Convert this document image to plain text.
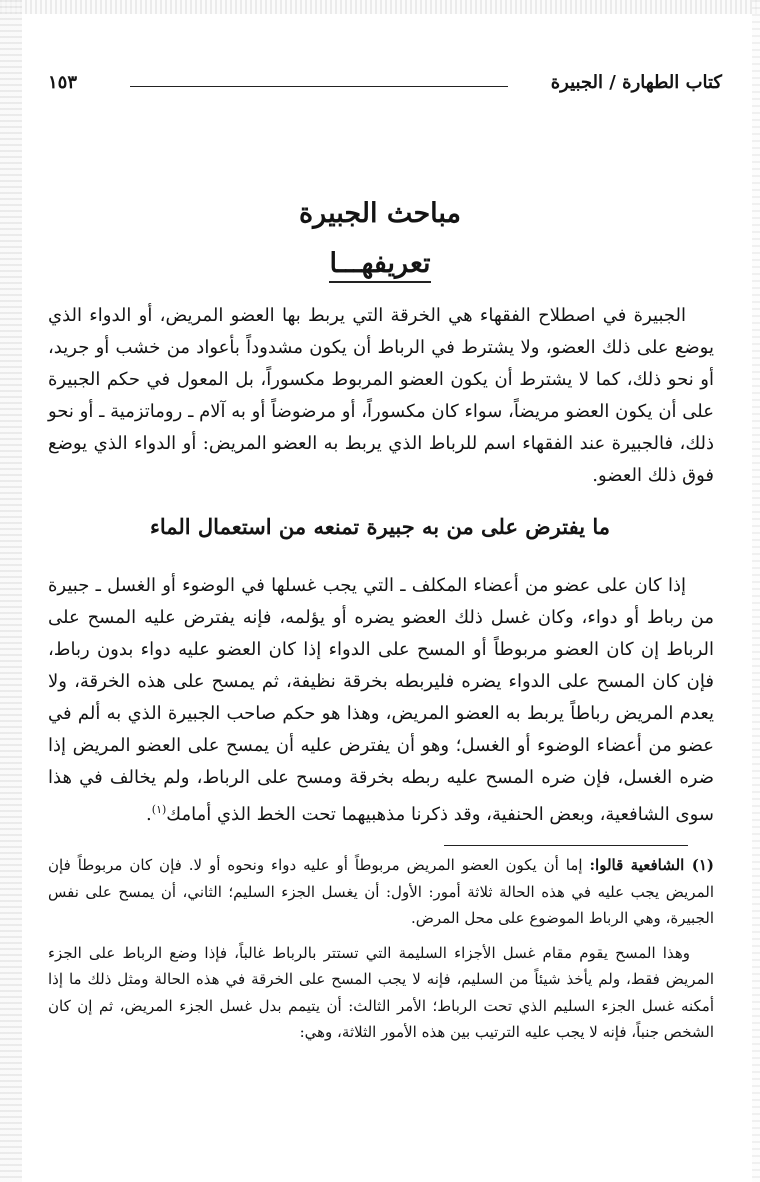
كتاب الطهارة / الجبيرة
١٥٣
مباحث الجبيرة
تعريفهـــا

الجبيرة في اصطلاح الفقهاء هي الخرقة التي يربط بها العضو المريض، أو الدواء الذي يوضع على ذلك العضو، ولا يشترط في الرباط أن يكون مشدوداً بأعواد من خشب أو جريد، أو نحو ذلك، كما لا يشترط أن يكون العضو المربوط مكسوراً، بل المعول في حكم الجبيرة على أن يكون العضو مريضاً، سواء كان مكسوراً، أو مرضوضاً أو به آلام ـ روماتزمية ـ أو نحو ذلك، فالجبيرة عند الفقهاء اسم للرباط الذي يربط به العضو المريض: أو الدواء الذي يوضع فوق ذلك العضو.

ما يفترض على من به جبيرة تمنعه من استعمال الماء

إذا كان على عضو من أعضاء المكلف ـ التي يجب غسلها في الوضوء أو الغسل ـ جبيرة من رباط أو دواء، وكان غسل ذلك العضو يضره أو يؤلمه، فإنه يفترض عليه المسح على الرباط إن كان العضو مربوطاً أو المسح على الدواء إذا كان العضو عليه دواء بدون رباط، فإن كان المسح على الدواء يضره فليربطه بخرقة نظيفة، ثم يمسح على هذه الخرقة، ولا يعدم المريض رباطاً يربط به العضو المريض، وهذا هو حكم صاحب الجبيرة الذي به ألم في عضو من أعضاء الوضوء أو الغسل؛ وهو أن يفترض عليه أن يمسح على العضو المريض إذا ضره الغسل، فإن ضره المسح عليه ربطه بخرقة ومسح على الرباط، ولم يخالف في هذا سوى الشافعية، وبعض الحنفية، وقد ذكرنا مذهبيهما تحت الخط الذي أمامك$^{(١)}$.

(١) الشافعية قالوا: إما أن يكون العضو المريض مربوطاً أو عليه دواء ونحوه أو لا. فإن كان مربوطاً فإن المريض يجب عليه في هذه الحالة ثلاثة أمور: الأول: أن يغسل الجزء السليم؛ الثاني، أن يمسح على نفس الجبيرة، وهي الرباط الموضوع على محل المرض.

وهذا المسح يقوم مقام غسل الأجزاء السليمة التي تستتر بالرباط غالباً، فإذا وضع الرباط على الجزء المريض فقط، ولم يأخذ شيئاً من السليم، فإنه لا يجب المسح على الخرقة في هذه الحالة ومثل ذلك ما إذا أمكنه غسل الجزء السليم الذي تحت الرباط؛ الأمر الثالث: أن يتيمم بدل غسل الجزء المريض، ثم إن كان الشخص جنباً، فإنه لا يجب عليه الترتيب بين هذه الأمور الثلاثة، وهي:
